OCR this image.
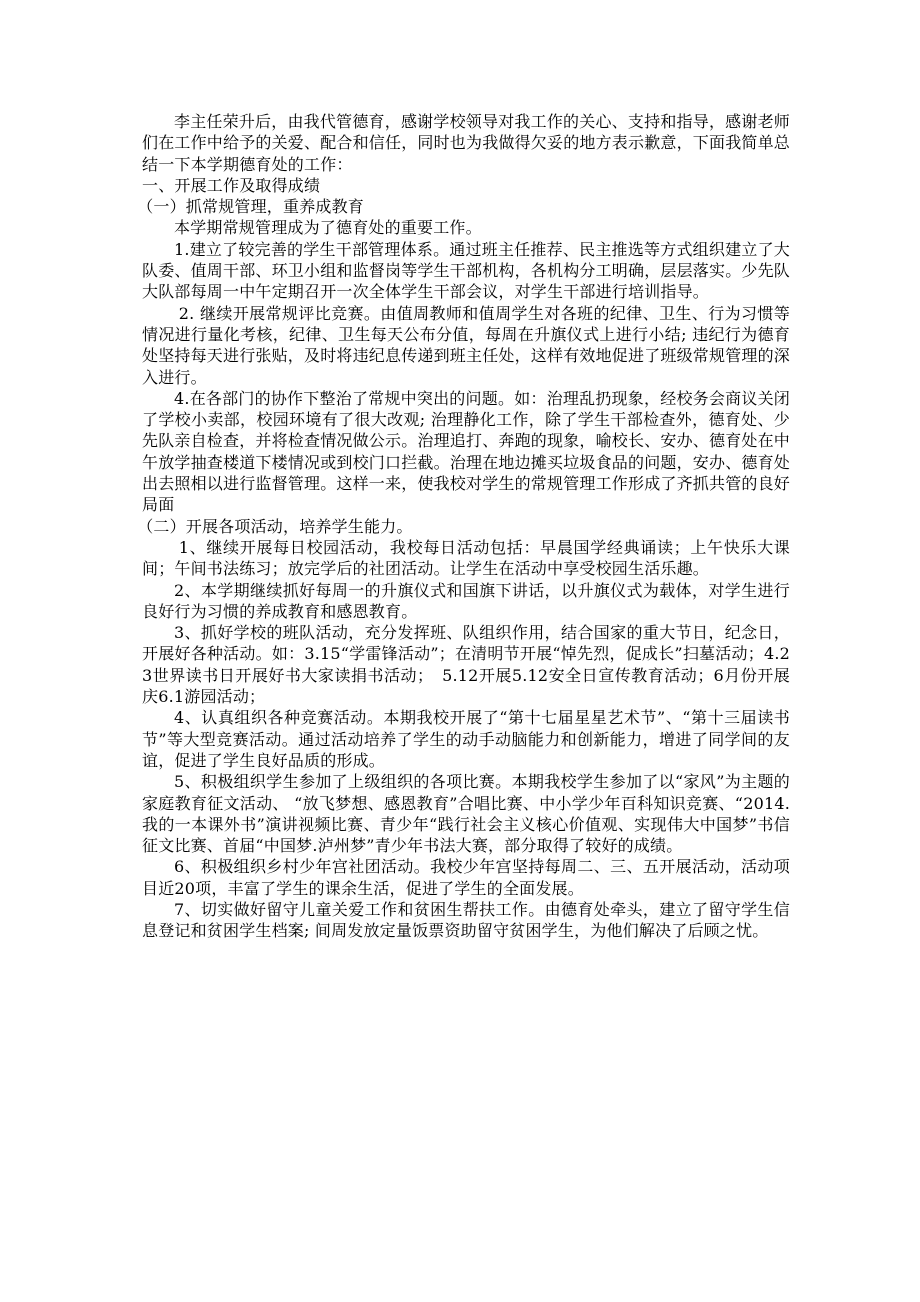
李主任荣升后，由我代管德育，感谢学校领导对我工作的关心、支持和指导，感谢老师们在工作中给予的关爱、配合和信任，同时也为我做得欠妥的地方表示歉意，下面我简单总结一下本学期德育处的工作：

一、开展工作及取得成绩

（一）抓常规管理，重养成教育

本学期常规管理成为了德育处的重要工作。

1.建立了较完善的学生干部管理体系。通过班主任推荐、民主推选等方式组织建立了大队委、值周干部、环卫小组和监督岗等学生干部机构，各机构分工明确，层层落实。少先队大队部每周一中午定期召开一次全体学生干部会议，对学生干部进行培训指导。

2. 继续开展常规评比竞赛。由值周教师和值周学生对各班的纪律、卫生、行为习惯等情况进行量化考核，纪律、卫生每天公布分值，每周在升旗仪式上进行小结; 违纪行为德育处坚持每天进行张贴，及时将违纪息传递到班主任处，这样有效地促进了班级常规管理的深入进行。

4.在各部门的协作下整治了常规中突出的问题。如：治理乱扔现象，经校务会商议关闭了学校小卖部，校园环境有了很大改观; 治理静化工作，除了学生干部检查外，德育处、少先队亲自检查，并将检查情况做公示。治理追打、奔跑的现象，喻校长、安办、德育处在中午放学抽查楼道下楼情况或到校门口拦截。治理在地边摊买垃圾食品的问题，安办、德育处出去照相以进行监督管理。这样一来，使我校对学生的常规管理工作形成了齐抓共管的良好局面

（二）开展各项活动，培养学生能力。

1、继续开展每日校园活动，我校每日活动包括：早晨国学经典诵读；上午快乐大课间；午间书法练习；放完学后的社团活动。让学生在活动中享受校园生活乐趣。

2、本学期继续抓好每周一的升旗仪式和国旗下讲话，以升旗仪式为载体，对学生进行良好行为习惯的养成教育和感恩教育。

3、抓好学校的班队活动，充分发挥班、队组织作用，结合国家的重大节日，纪念日，开展好各种活动。如：3.15“学雷锋活动”；在清明节开展“悼先烈，促成长”扫墓活动；4.23世界读书日开展好书大家读捐书活动；　5.12开展5.12安全日宣传教育活动；6月份开展庆6.1游园活动；

4、认真组织各种竞赛活动。本期我校开展了“第十七届星星艺术节”、“第十三届读书节”等大型竞赛活动。通过活动培养了学生的动手动脑能力和创新能力，增进了同学间的友谊，促进了学生良好品质的形成。

5、积极组织学生参加了上级组织的各项比赛。本期我校学生参加了以“家风”为主题的家庭教育征文活动、 “放飞梦想、感恩教育”合唱比赛、中小学少年百科知识竞赛、“2014.我的一本课外书”演讲视频比赛、青少年“践行社会主义核心价值观、实现伟大中国梦”书信征文比赛、首届“中国梦.泸州梦”青少年书法大赛，部分取得了较好的成绩。

6、积极组织乡村少年宫社团活动。我校少年宫坚持每周二、三、五开展活动，活动项目近20项，丰富了学生的课余生活，促进了学生的全面发展。

7、切实做好留守儿童关爱工作和贫困生帮扶工作。由德育处牵头，建立了留守学生信息登记和贫困学生档案; 间周发放定量饭票资助留守贫困学生，为他们解决了后顾之忧。
